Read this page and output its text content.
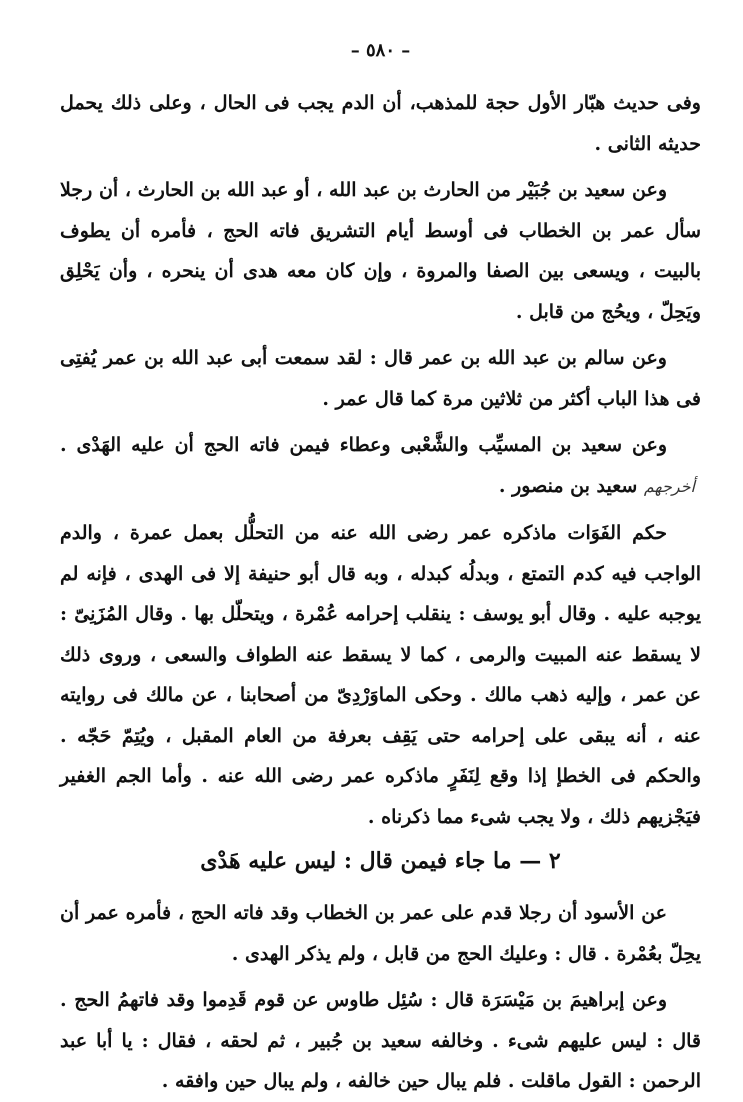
– ٥٨٠ –

وفى حديث هبّار الأول حجة للمذهب، أن الدم يجب فى الحال ، وعلى ذلك يحمل حديثه الثانى .

وعن سعيد بن جُبَيْر من الحارث بن عبد الله ، أو عبد الله بن الحارث ، أن رجلا سأل عمر بن الخطاب فى أوسط أيام التشريق فاته الحج ، فأمره أن يطوف بالبيت ، ويسعى بين الصفا والمروة ، وإن كان معه هدى أن ينحره ، وأن يَحْلِق ويَحِلّ ، ويحُج من قابل .

وعن سالم بن عبد الله بن عمر قال : لقد سمعت أبى عبد الله بن عمر يُفتِى فى هذا الباب أكثر من ثلاثين مرة كما قال عمر .

وعن سعيد بن المسيِّب والشَّعْبى وعطاء فيمن فاته الحج أن عليه الهَدْى . أخرجهم سعيد بن منصور .

حكم الفَوَات ماذكره عمر رضى الله عنه من التحلُّل بعمل عمرة ، والدم الواجب فيه كدم التمتع ، وبدلُه كبدله ، وبه قال أبو حنيفة إلا فى الهدى ، فإنه لم يوجبه عليه . وقال أبو يوسف : ينقلب إحرامه عُمْرة ، ويتحلّل بها . وقال المُزَنِىّ : لا يسقط عنه المبيت والرمى ، كما لا يسقط عنه الطواف والسعى ، وروى ذلك عن عمر ، وإليه ذهب مالك . وحكى الماوَرْدِىّ من أصحابنا ، عن مالك فى روايته عنه ، أنه يبقى على إحرامه حتى يَقِف بعرفة من العام المقبل ، ويُتِمّ حَجّه . والحكم فى الخطإ إذا وقع لِنَفَرٍ ماذكره عمر رضى الله عنه . وأما الجم الغفير فيَجْزيهم ذلك ، ولا يجب شىء مما ذكرناه .

٢ — ما جاء فيمن قال : ليس عليه هَدْى

عن الأسود أن رجلا قدم على عمر بن الخطاب وقد فاته الحج ، فأمره عمر أن يحِلّ بعُمْرة . قال : وعليك الحج من قابل ، ولم يذكر الهدى .

وعن إبراهيمَ بن مَيْسَرَة قال : سُئِل طاوس عن قوم قَدِموا وقد فاتهمُ الحج . قال : ليس عليهم شىء . وخالفه سعيد بن جُبير ، ثم لحقه ، فقال : يا أبا عبد الرحمن : القول ماقلت . فلم يبال حين خالفه ، ولم يبال حين وافقه .
